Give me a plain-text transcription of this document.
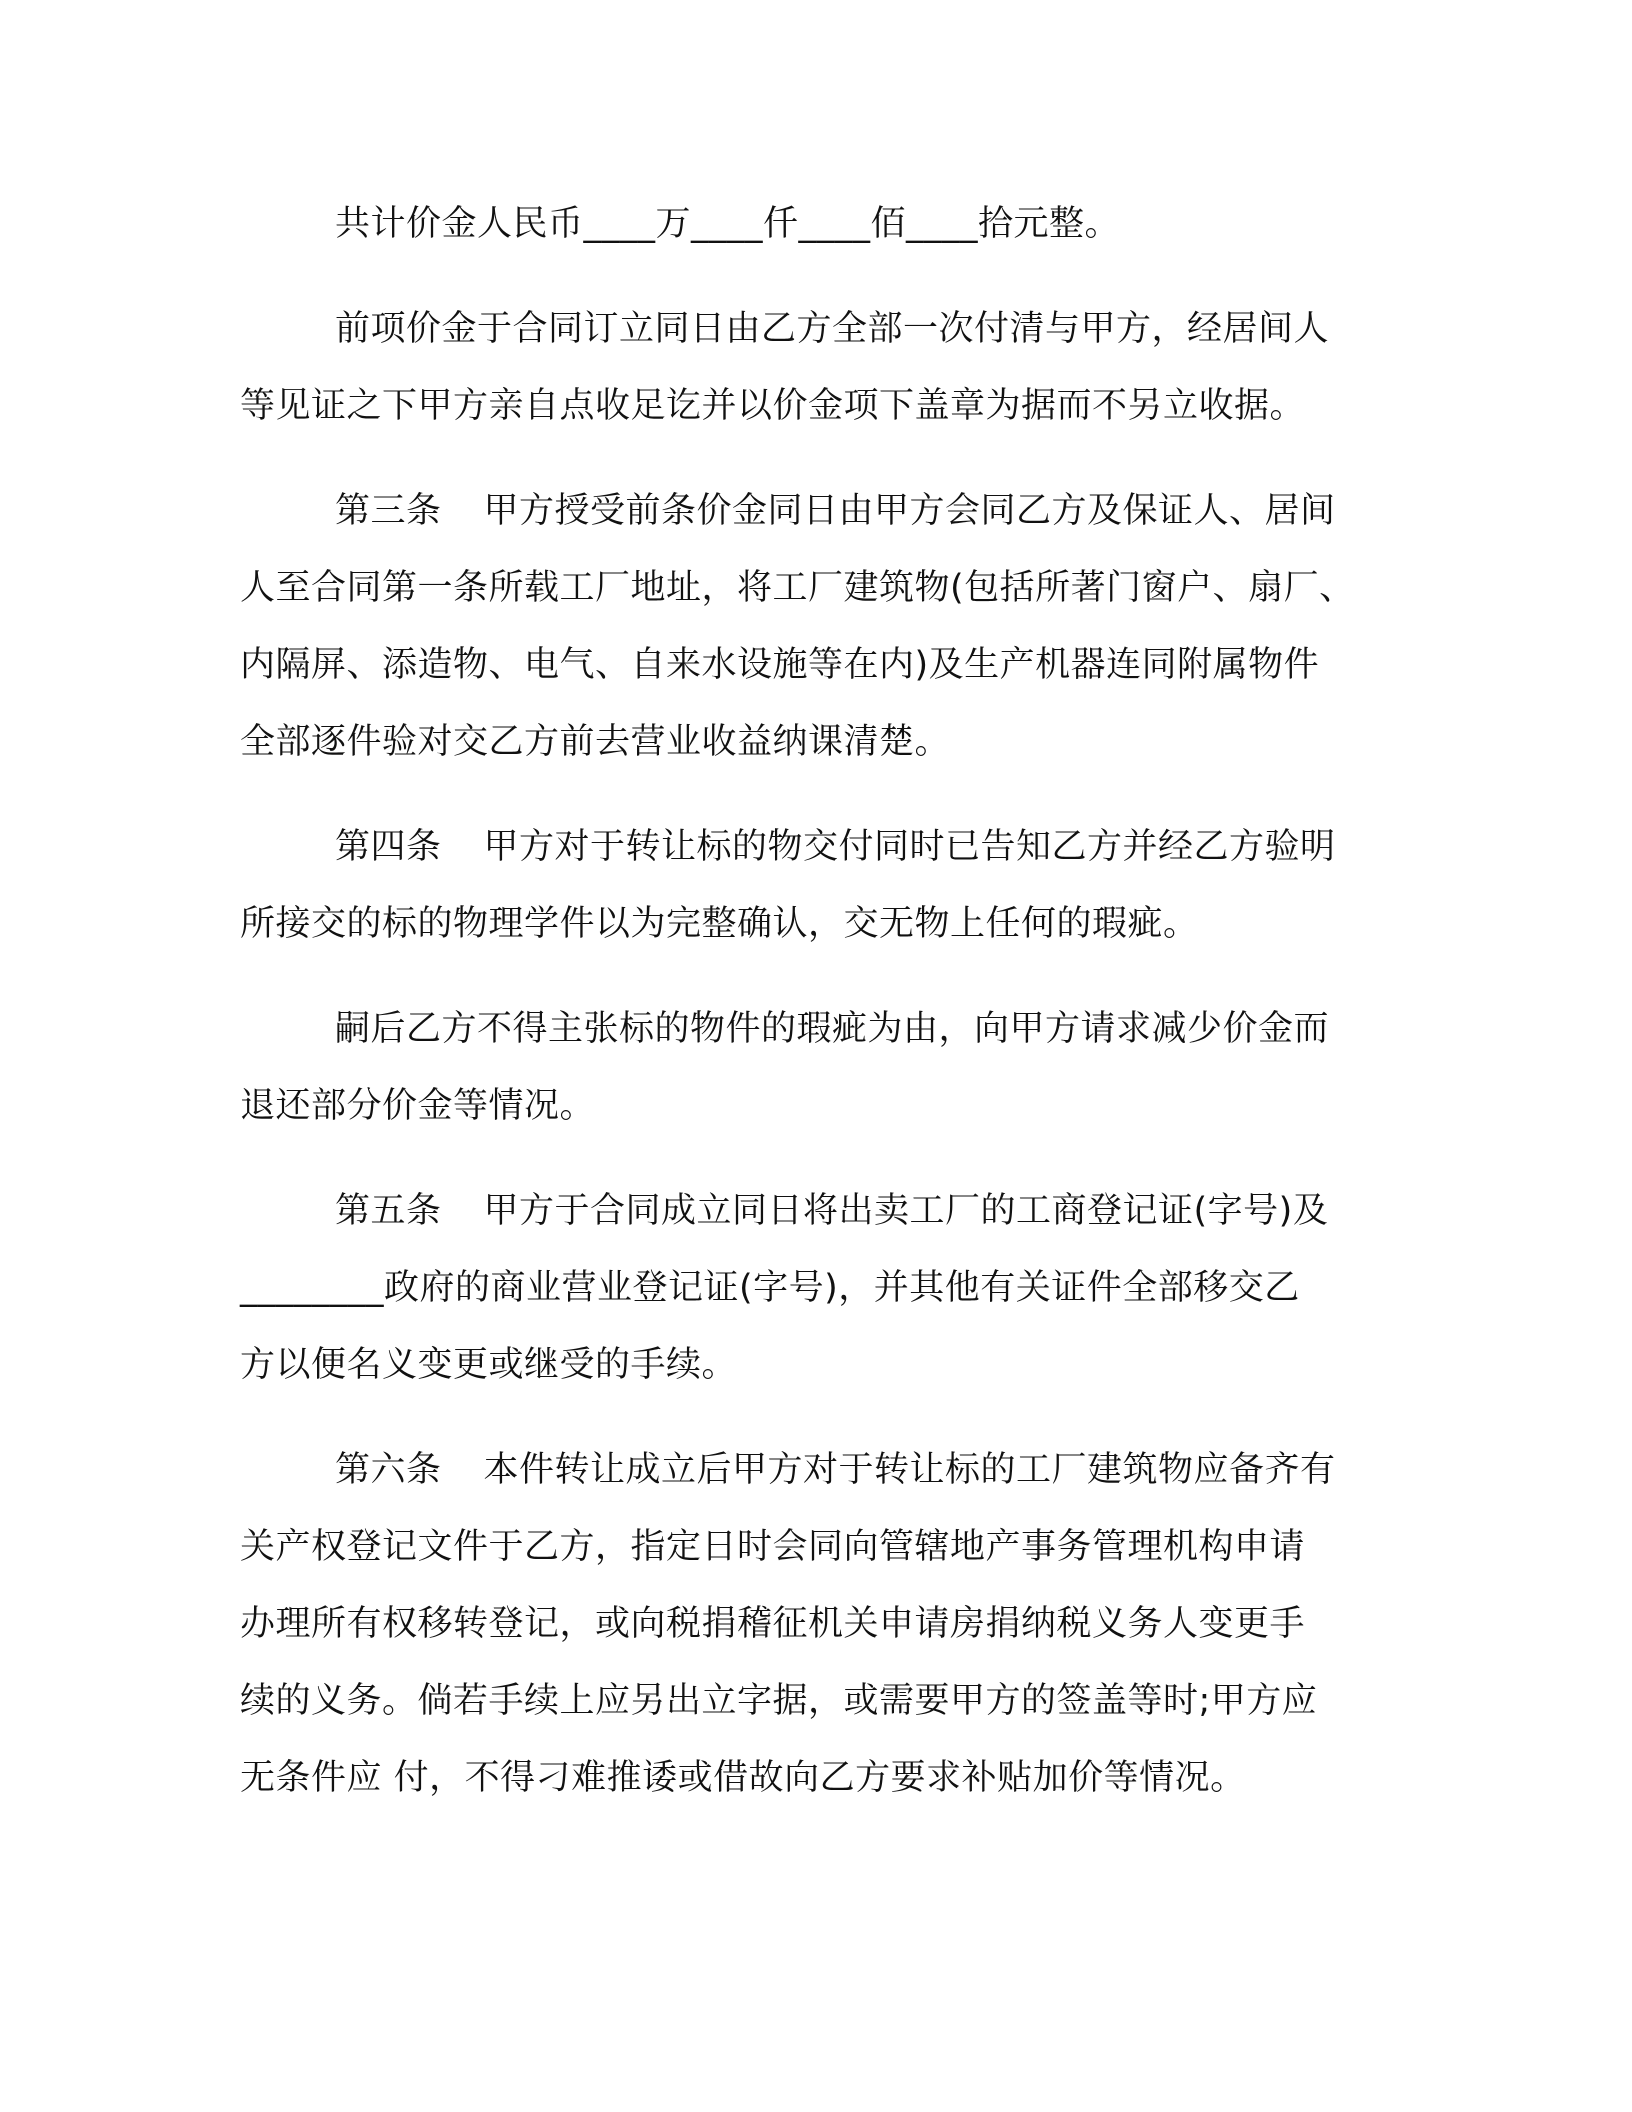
共计价金人民币____万____仟____佰____拾元整。
前项价金于合同订立同日由乙方全部一次付清与甲方，经居间人
等见证之下甲方亲自点收足讫并以价金项下盖章为据而不另立收据。
第三条 甲方授受前条价金同日由甲方会同乙方及保证人、居间
人至合同第一条所载工厂地址，将工厂建筑物(包括所著门窗户、扇厂、
内隔屏、添造物、电气、自来水设施等在内)及生产机器连同附属物件
全部逐件验对交乙方前去营业收益纳课清楚。
第四条 甲方对于转让标的物交付同时已告知乙方并经乙方验明
所接交的标的物理学件以为完整确认，交无物上任何的瑕疵。
嗣后乙方不得主张标的物件的瑕疵为由，向甲方请求减少价金而
退还部分价金等情况。
第五条 甲方于合同成立同日将出卖工厂的工商登记证(字号)及
________政府的商业营业登记证(字号)，并其他有关证件全部移交乙
方以便名义变更或继受的手续。
第六条 本件转让成立后甲方对于转让标的工厂建筑物应备齐有
关产权登记文件于乙方，指定日时会同向管辖地产事务管理机构申请
办理所有权移转登记，或向税捐稽征机关申请房捐纳税义务人变更手
续的义务。倘若手续上应另出立字据，或需要甲方的签盖等时;甲方应
无条件应 付，不得刁难推诿或借故向乙方要求补贴加价等情况。
